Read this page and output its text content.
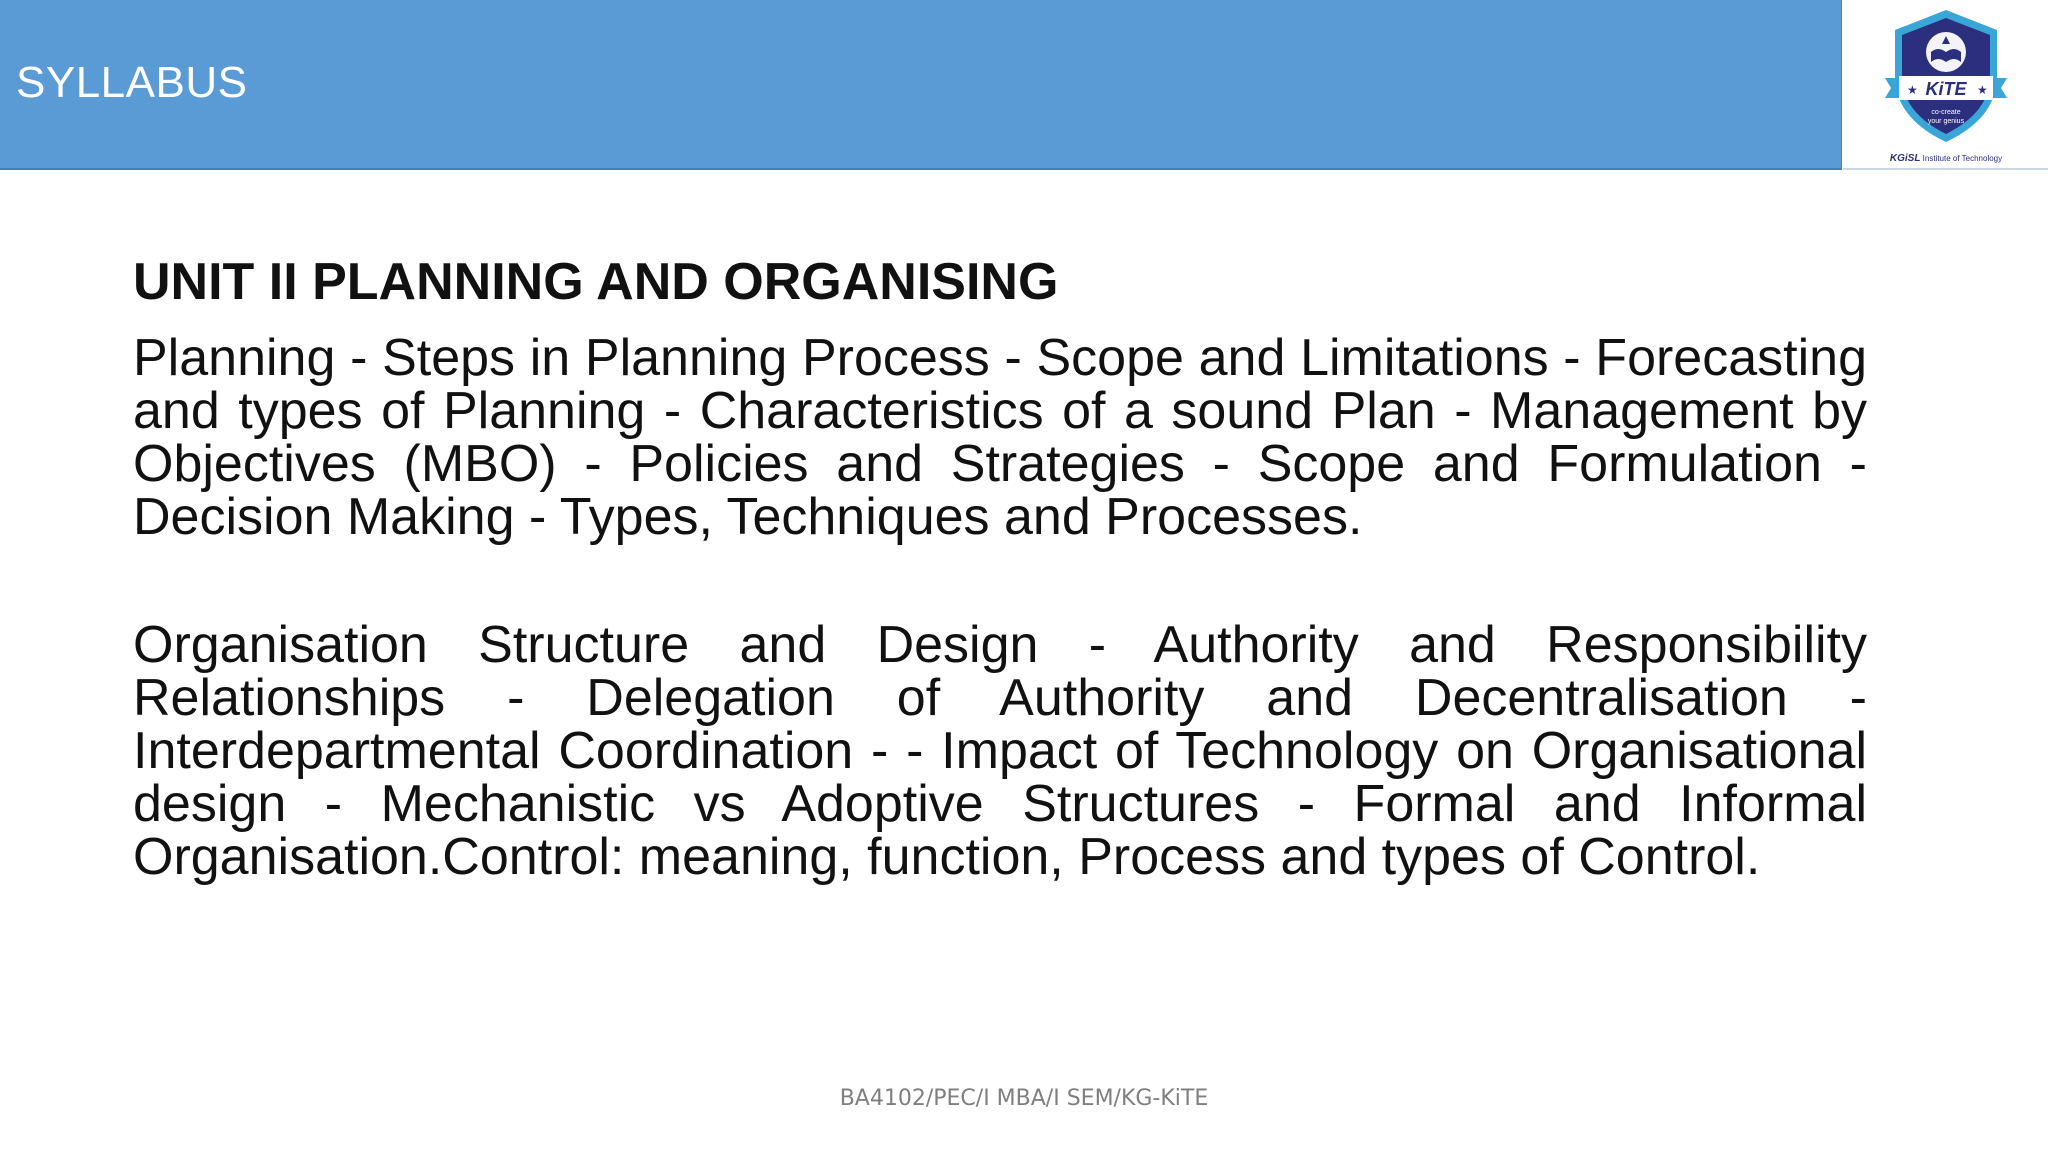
SYLLABUS	KiTE
★	★
co-create
your genius
KGiSL Institute of Technology
UNIT II PLANNING AND ORGANISING

Planning - Steps in Planning Process - Scope and Limitations - Forecasting and types of Planning - Characteristics of a sound Plan - Management by Objectives (MBO) - Policies and Strategies - Scope and Formulation - Decision Making - Types, Techniques and Processes.

Organisation Structure and Design - Authority and Responsibility Relationships - Delegation of Authority and Decentralisation - Interdepartmental Coordination - - Impact of Technology on Organisational design - Mechanistic vs Adoptive Structures - Formal and Informal Organisation.Control: meaning, function, Process and types of Control.

BA4102/PEC/I MBA/I SEM/KG-KiTE
